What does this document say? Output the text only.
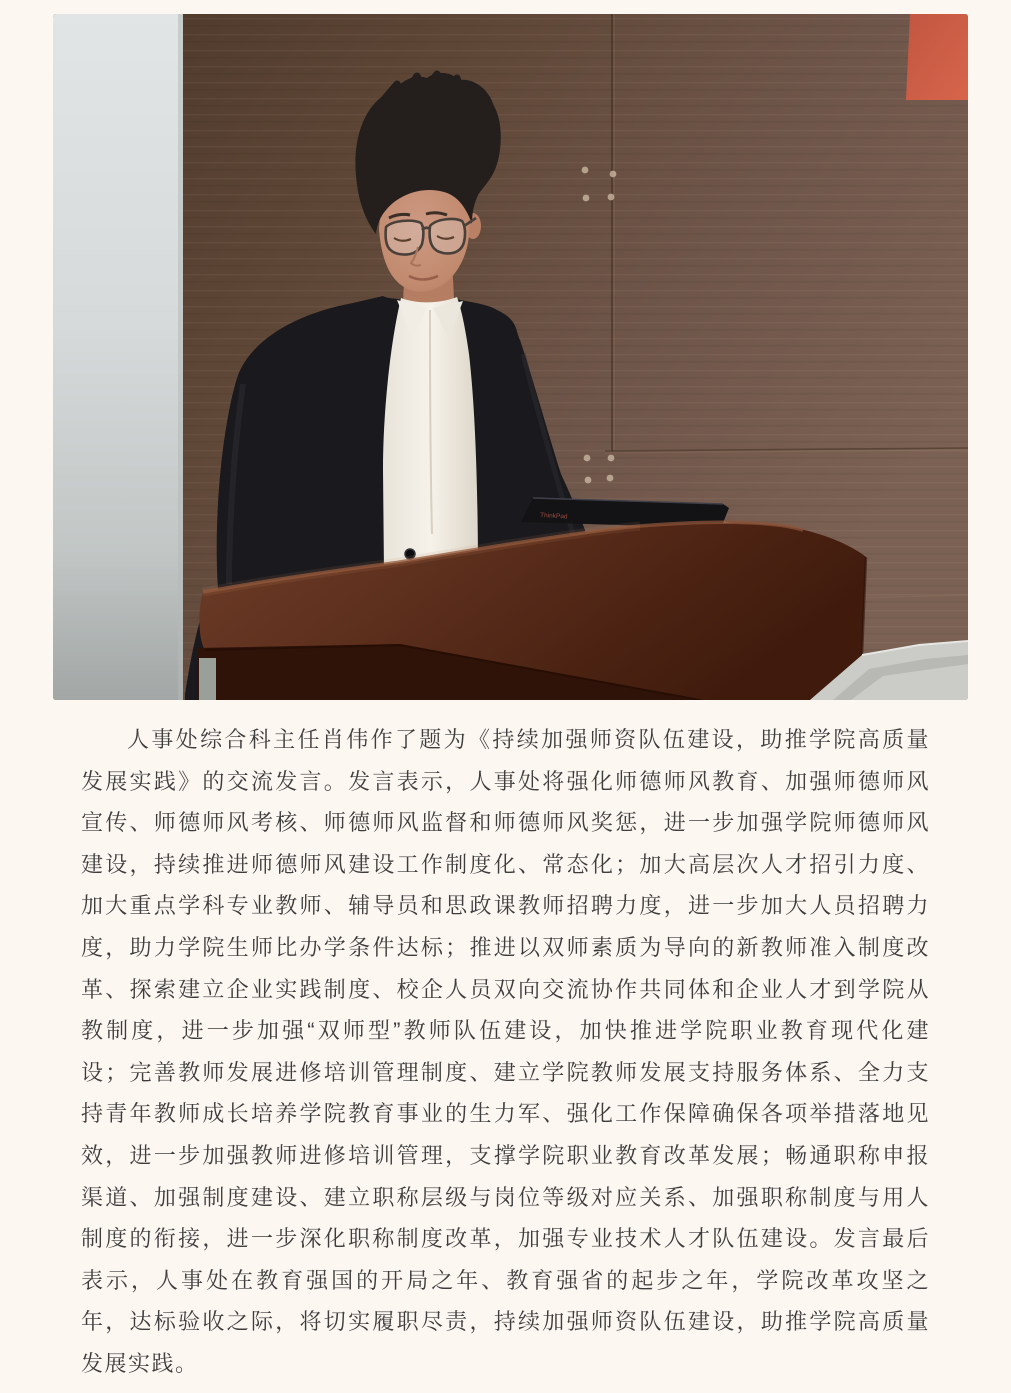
ThinkPad
人事处综合科主任肖伟作了题为《持续加强师资队伍建设，助推学院高质量
发展实践》的交流发言。发言表示，人事处将强化师德师风教育、加强师德师风
宣传、师德师风考核、师德师风监督和师德师风奖惩，进一步加强学院师德师风
建设，持续推进师德师风建设工作制度化、常态化；加大高层次人才招引力度、
加大重点学科专业教师、辅导员和思政课教师招聘力度，进一步加大人员招聘力
度，助力学院生师比办学条件达标；推进以双师素质为导向的新教师准入制度改
革、探索建立企业实践制度、校企人员双向交流协作共同体和企业人才到学院从
教制度，进一步加强“双师型”教师队伍建设，加快推进学院职业教育现代化建
设；完善教师发展进修培训管理制度、建立学院教师发展支持服务体系、全力支
持青年教师成长培养学院教育事业的生力军、强化工作保障确保各项举措落地见
效，进一步加强教师进修培训管理，支撑学院职业教育改革发展；畅通职称申报
渠道、加强制度建设、建立职称层级与岗位等级对应关系、加强职称制度与用人
制度的衔接，进一步深化职称制度改革，加强专业技术人才队伍建设。发言最后
表示，人事处在教育强国的开局之年、教育强省的起步之年，学院改革攻坚之
年，达标验收之际，将切实履职尽责，持续加强师资队伍建设，助推学院高质量
发展实践。
